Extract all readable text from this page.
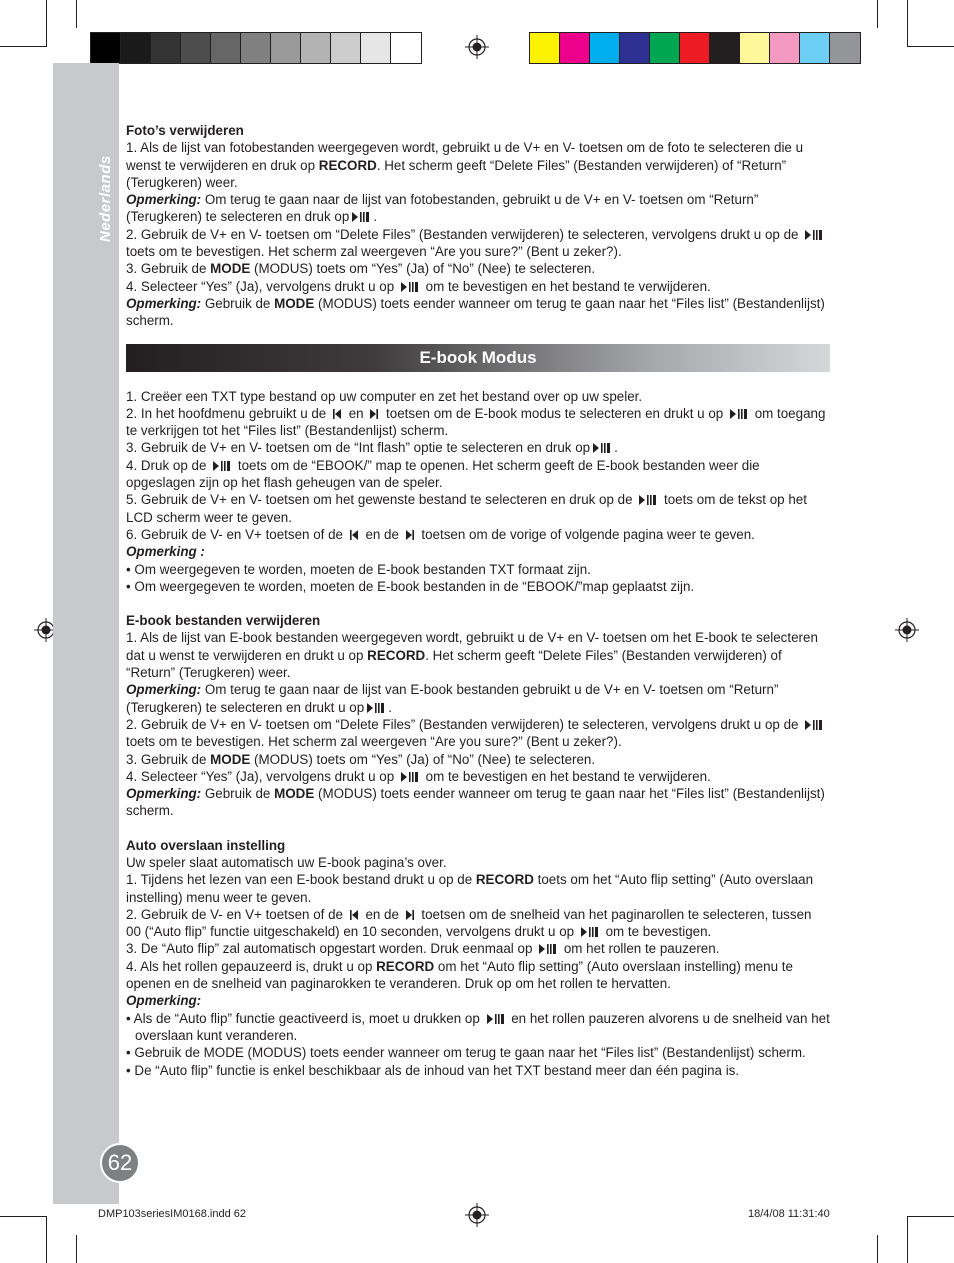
Nederlands
62
Foto’s verwijderen

1. Als de lijst van fotobestanden weergegeven wordt, gebruikt u de V+ en V- toetsen om de foto te selecteren die u wenst te verwijderen en druk op RECORD. Het scherm geeft “Delete Files” (Bestanden verwijderen) of “Return” (Terugkeren) weer.

Opmerking: Om terug te gaan naar de lijst van fotobestanden, gebruikt u de V+ en V- toetsen om “Return” (Terugkeren) te selecteren en druk op .

2. Gebruik de V+ en V- toetsen om “Delete Files” (Bestanden verwijderen) te selecteren, vervolgens drukt u op de  toets om te bevestigen. Het scherm zal weergeven “Are you sure?” (Bent u zeker?).

3. Gebruik de MODE (MODUS) toets om “Yes” (Ja) of “No” (Nee) te selecteren.

4. Selecteer “Yes” (Ja), vervolgens drukt u op  om te bevestigen en het bestand te verwijderen.

Opmerking: Gebruik de MODE (MODUS) toets eender wanneer om terug te gaan naar het “Files list” (Bestandenlijst) scherm.

E-book Modus

1. Creëer een TXT type bestand op uw computer en zet het bestand over op uw speler.

2. In het hoofdmenu gebruikt u de  en  toetsen om de E-book modus te selecteren en drukt u op  om toegang te verkrijgen tot het “Files list” (Bestandenlijst) scherm.

3. Gebruik de V+ en V- toetsen om de “Int flash” optie te selecteren en druk op .

4. Druk op de  toets om de “EBOOK/” map te openen. Het scherm geeft de E-book bestanden weer die opgeslagen zijn op het flash geheugen van de speler.

5. Gebruik de V+ en V- toetsen om het gewenste bestand te selecteren en druk op de  toets om de tekst op het LCD scherm weer te geven.

6. Gebruik de V- en V+ toetsen of de  en de  toetsen om de vorige of volgende pagina weer te geven.

Opmerking :

• Om weergegeven te worden, moeten de E-book bestanden TXT formaat zijn.

• Om weergegeven te worden, moeten de E-book bestanden in de “EBOOK/”map geplaatst zijn.

E-book bestanden verwijderen

1. Als de lijst van E-book bestanden weergegeven wordt, gebruikt u de V+ en V- toetsen om het E-book te selecteren dat u wenst te verwijderen en drukt u op RECORD. Het scherm geeft “Delete Files” (Bestanden verwijderen) of “Return” (Terugkeren) weer.

Opmerking: Om terug te gaan naar de lijst van E-book bestanden gebruikt u de V+ en V- toetsen om “Return” (Terugkeren) te selecteren en drukt u op .

2. Gebruik de V+ en V- toetsen om “Delete Files” (Bestanden verwijderen) te selecteren, vervolgens drukt u op de  toets om te bevestigen. Het scherm zal weergeven “Are you sure?” (Bent u zeker?).

3. Gebruik de MODE (MODUS) toets om “Yes” (Ja) of “No” (Nee) te selecteren.

4. Selecteer “Yes” (Ja), vervolgens drukt u op  om te bevestigen en het bestand te verwijderen.

Opmerking: Gebruik de MODE (MODUS) toets eender wanneer om terug te gaan naar het “Files list” (Bestandenlijst) scherm.

Auto overslaan instelling

Uw speler slaat automatisch uw E-book pagina’s over.

1. Tijdens het lezen van een E-book bestand drukt u op de RECORD toets om het “Auto flip setting” (Auto overslaan instelling) menu weer te geven.

2. Gebruik de V- en V+ toetsen of de  en de  toetsen om de snelheid van het paginarollen te selecteren, tussen 00 (“Auto flip” functie uitgeschakeld) en 10 seconden, vervolgens drukt u op  om te bevestigen.

3. De “Auto flip” zal automatisch opgestart worden. Druk eenmaal op  om het rollen te pauzeren.

4. Als het rollen gepauzeerd is, drukt u op RECORD om het “Auto flip setting” (Auto overslaan instelling) menu te openen en de snelheid van paginarokken te veranderen. Druk op om het rollen te hervatten.

Opmerking:

• Als de “Auto flip” functie geactiveerd is, moet u drukken op  en het rollen pauzeren alvorens u de snelheid van het overslaan kunt veranderen.

• Gebruik de MODE (MODUS) toets eender wanneer om terug te gaan naar het “Files list” (Bestandenlijst) scherm.

• De “Auto flip” functie is enkel beschikbaar als de inhoud van het TXT bestand meer dan één pagina is.

DMP103seriesIM0168.indd 62	18/4/08 11:31:40
